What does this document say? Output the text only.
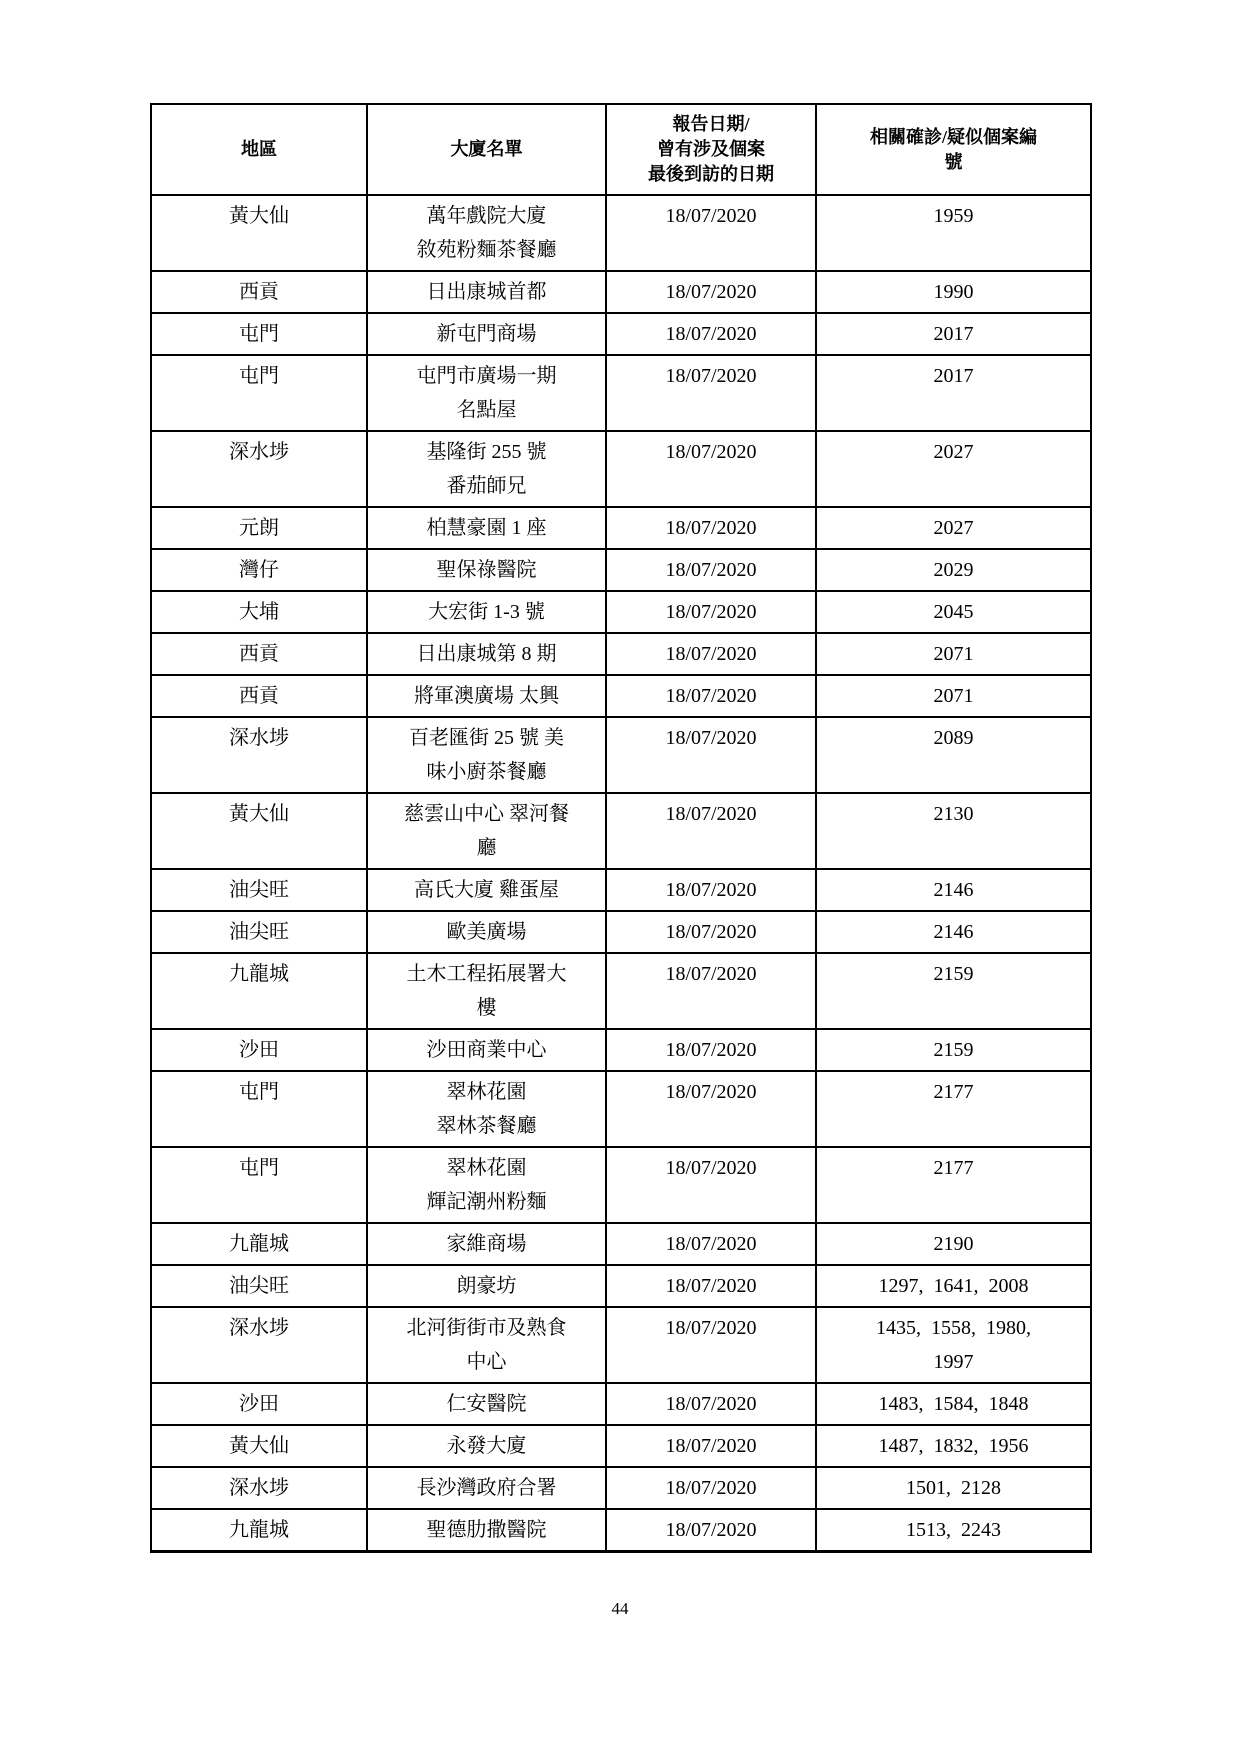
地區	大廈名單	報告日期/
曾有涉及個案
最後到訪的日期	相關確診/疑似個案編
號
黃大仙	萬年戲院大廈
敘苑粉麵茶餐廳	18/07/2020	1959
西貢	日出康城首都	18/07/2020	1990
屯門	新屯門商場	18/07/2020	2017
屯門	屯門市廣場一期
名點屋	18/07/2020	2017
深水埗	基隆街 255 號
番茄師兄	18/07/2020	2027
元朗	柏慧豪園 1 座	18/07/2020	2027
灣仔	聖保祿醫院	18/07/2020	2029
大埔	大宏街 1-3 號	18/07/2020	2045
西貢	日出康城第 8 期	18/07/2020	2071
西貢	將軍澳廣場 太興	18/07/2020	2071
深水埗	百老匯街 25 號 美
味小廚茶餐廳	18/07/2020	2089
黃大仙	慈雲山中心 翠河餐
廳	18/07/2020	2130
油尖旺	高氏大廈 雞蛋屋	18/07/2020	2146
油尖旺	歐美廣場	18/07/2020	2146
九龍城	土木工程拓展署大
樓	18/07/2020	2159
沙田	沙田商業中心	18/07/2020	2159
屯門	翠林花園
翠林茶餐廳	18/07/2020	2177
屯門	翠林花園
輝記潮州粉麵	18/07/2020	2177
九龍城	家維商場	18/07/2020	2190
油尖旺	朗豪坊	18/07/2020	1297,  1641,  2008
深水埗	北河街街市及熟食
中心	18/07/2020	1435,  1558,  1980,
1997
沙田	仁安醫院	18/07/2020	1483,  1584,  1848
黃大仙	永發大廈	18/07/2020	1487,  1832,  1956
深水埗	長沙灣政府合署	18/07/2020	1501,  2128
九龍城	聖德肋撒醫院	18/07/2020	1513,  2243
44
